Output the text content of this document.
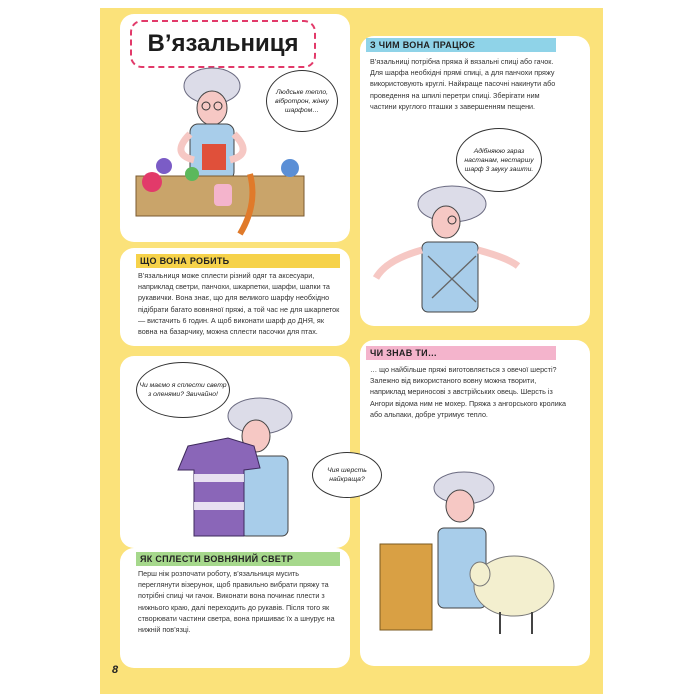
В’язальниця	З ЧИМ ВОНА ПРАЦЮЄ

В’язальниці потрібна пряжа й вязальні спиці або гачок. Для шарфа необхідні прямі спиці, а для панчохи пряжу використовують круглі. Найкраще пасочні накинути або проведення на шпилі перетри спиці. Зберігати ним частини круглого пташки з завершенням пещени.

ЩО ВОНА РОБИТЬ

В’язальниця може сплести різний одяг та аксесуари, наприклад светри, панчохи, шкарпетки, шарфи, шапки та рукавички. Вона знає, що для великого шарфу необхідно підібрати багато вовняної пряжі, а той час не для шкарпеток — вистачить 6 годин. А щоб виконати шарф до ДНЯ, як вовна на базарчику, можна сплести пасочки для птах.

ЧИ ЗНАВ ТИ…

… що найбільше пряжі виготовляється з овечої шерсті? Залежно від використаного вовну можна творити, наприклад мериносові з австрійських овець. Шерсть із Ангори відома ним не мохер. Пряжа з ангорського кролика або альпаки, добре утримує тепло.

ЯК СПЛЕСТИ ВОВНЯНИЙ СВЕТР

Перш ніж розпочати роботу, в’язальниця мусить переглянути візерунок, щоб правильно вибрати пряжу та потрібні спиці чи гачок. Виконати вона починає плести з нижнього краю, далі переходить до рукавів. Після того як створювати частини светра, вона пришиває їх а шнурує на нижній пов’язці.

Людське тепло, вібротрон, жінку шарфом…
Адібняюю зараз настанам, нестаршу шарф 3 звуку зашти.
Чи маємо я сплести светр з оленями? Звичайно!
Чия шерсть найкраща?
8
